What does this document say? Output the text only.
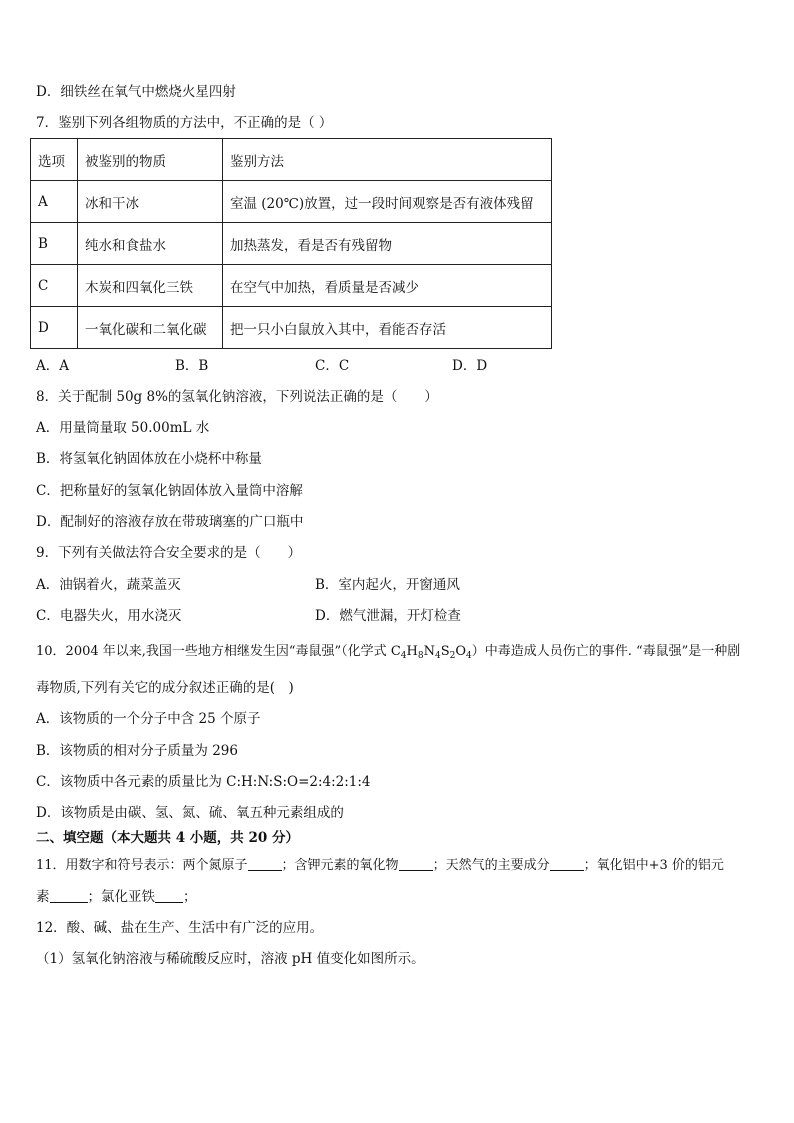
D．细铁丝在氧气中燃烧火星四射
7．鉴别下列各组物质的方法中，不正确的是（ ）
选项	被鉴别的物质	鉴别方法
A	冰和干冰	室温 (20℃)放置，过一段时间观察是否有液体残留
B	纯水和食盐水	加热蒸发，看是否有残留物
C	木炭和四氧化三铁	在空气中加热，看质量是否减少
D	一氧化碳和二氧化碳	把一只小白鼠放入其中，看能否存活
A．A	B．B	C．C	D．D
8．关于配制 50g 8%的氢氧化钠溶液，下列说法正确的是（　　）
A．用量筒量取 50.00mL 水
B．将氢氧化钠固体放在小烧杯中称量
C．把称量好的氢氧化钠固体放入量筒中溶解
D．配制好的溶液存放在带玻璃塞的广口瓶中
9．下列有关做法符合安全要求的是（　　）
A．油锅着火，蔬菜盖灭	B．室内起火，开窗通风
C．电器失火，用水浇灭	D．燃气泄漏，开灯检查
10．2004 年以来,我国一些地方相继发生因“毒鼠强”（化学式 $C_4H_8N_4S_2O_4$）中毒造成人员伤亡的事件. “毒鼠强”是一种剧
毒物质,下列有关它的成分叙述正确的是(　)
A．该物质的一个分子中含 25 个原子
B．该物质的相对分子质量为 296
C．该物质中各元素的质量比为 C:H:N:S:O=2:4:2:1:4
D．该物质是由碳、氢、氮、硫、氧五种元素组成的
二、填空题（本大题共 4 小题，共 20 分）
11．用数字和符号表示：两个氮原子	；含钾元素的氧化物	；天然气的主要成分	；氧化铝中+3 价的铝元
素	；氯化亚铁 ；
12．酸、碱、盐在生产、生活中有广泛的应用。
（1）氢氧化钠溶液与稀硫酸反应时，溶液 pH 值变化如图所示。
